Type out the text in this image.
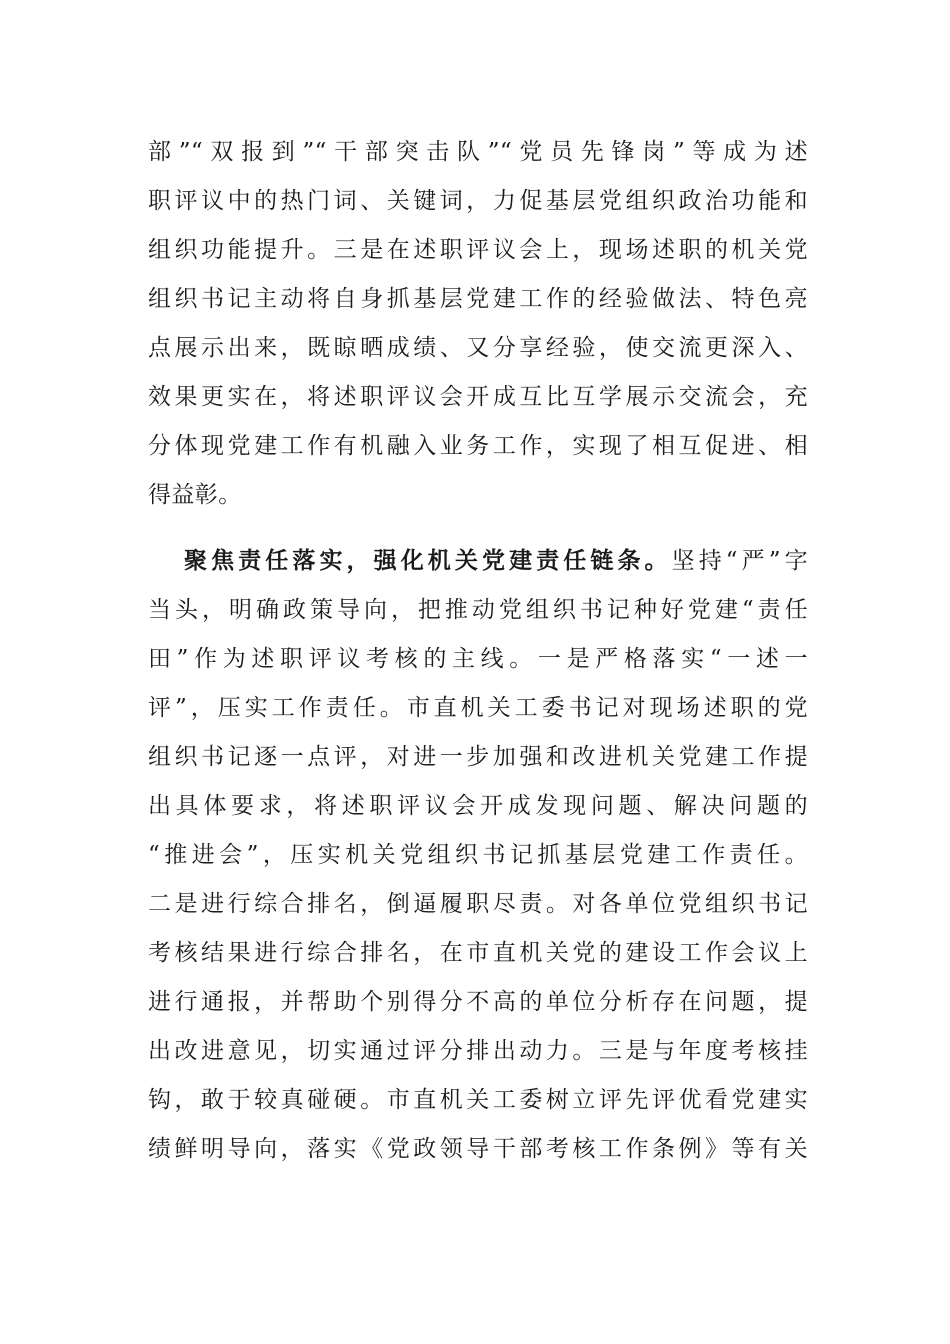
部”“双报到”“干部突击队”“党员先锋岗”等成为述
职评议中的热门词、关键词，力促基层党组织政治功能和
组织功能提升。三是在述职评议会上，现场述职的机关党
组织书记主动将自身抓基层党建工作的经验做法、特色亮
点展示出来，既晾晒成绩、又分享经验，使交流更深入、
效果更实在，将述职评议会开成互比互学展示交流会，充
分体现党建工作有机融入业务工作，实现了相互促进、相
得益彰。
聚焦责任落实，强化机关党建责任链条。坚持“严”字
当头，明确政策导向，把推动党组织书记种好党建“责任
田”作为述职评议考核的主线。一是严格落实“一述一
评”，压实工作责任。市直机关工委书记对现场述职的党
组织书记逐一点评，对进一步加强和改进机关党建工作提
出具体要求，将述职评议会开成发现问题、解决问题的
“推进会”，压实机关党组织书记抓基层党建工作责任。
二是进行综合排名，倒逼履职尽责。对各单位党组织书记
考核结果进行综合排名，在市直机关党的建设工作会议上
进行通报，并帮助个别得分不高的单位分析存在问题，提
出改进意见，切实通过评分排出动力。三是与年度考核挂
钩，敢于较真碰硬。市直机关工委树立评先评优看党建实
绩鲜明导向，落实《党政领导干部考核工作条例》等有关
